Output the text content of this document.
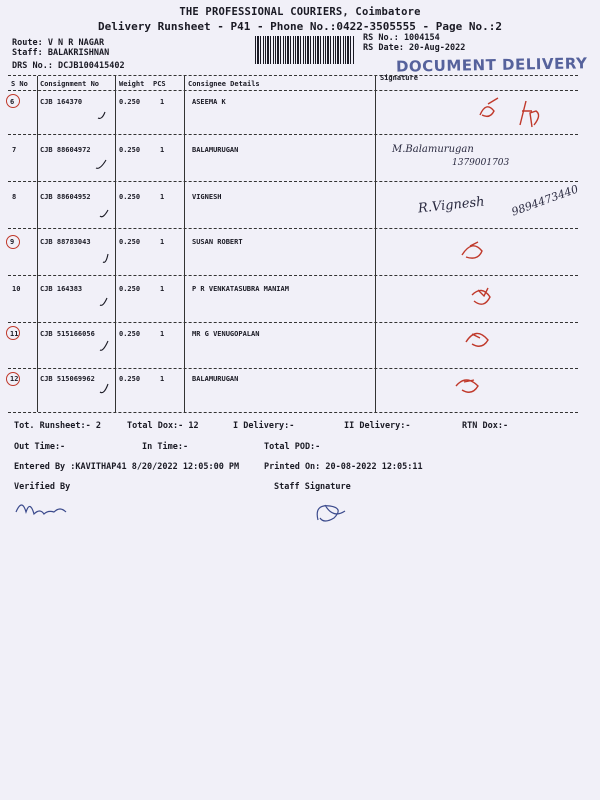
THE PROFESSIONAL COURIERS, Coimbatore
Delivery Runsheet - P41 - Phone No.:0422-3505555 - Page No.:2
Route: V N R NAGAR
Staff: BALAKRISHNAN
DRS No.: DCJB100415402
RS No.: 1004154
RS Date: 20-Aug-2022
DOCUMENT DELIVERY
S No Consignment No	Weight PCS	Consignee Details
Signature
6	CJB 164370	0.250	1	ASEEMA K
7	CJB 88604972	0.250	1	BALAMURUGAN
8	CJB 88604952	0.250	1	VIGNESH
9	CJB 88783043	0.250	1	SUSAN ROBERT
10	CJB 164383	0.250	1	P R VENKATASUBRA MANIAM
11	CJB 515166056	0.250	1	MR G VENUGOPALAN
12	CJB 515069962	0.250	1	BALAMURUGAN
M.Balamurugan
1379001703
R.Vignesh 9894473440
Tot. Runsheet:- 2	Total Dox:- 12	I Delivery:-	II Delivery:-	RTN Dox:-
Out Time:-	In Time:-	Total POD:-
Entered By :KAVITHAP41 8/20/2022 12:05:00 PM	Printed On: 20-08-2022 12:05:11
Verified By	Staff Signature
